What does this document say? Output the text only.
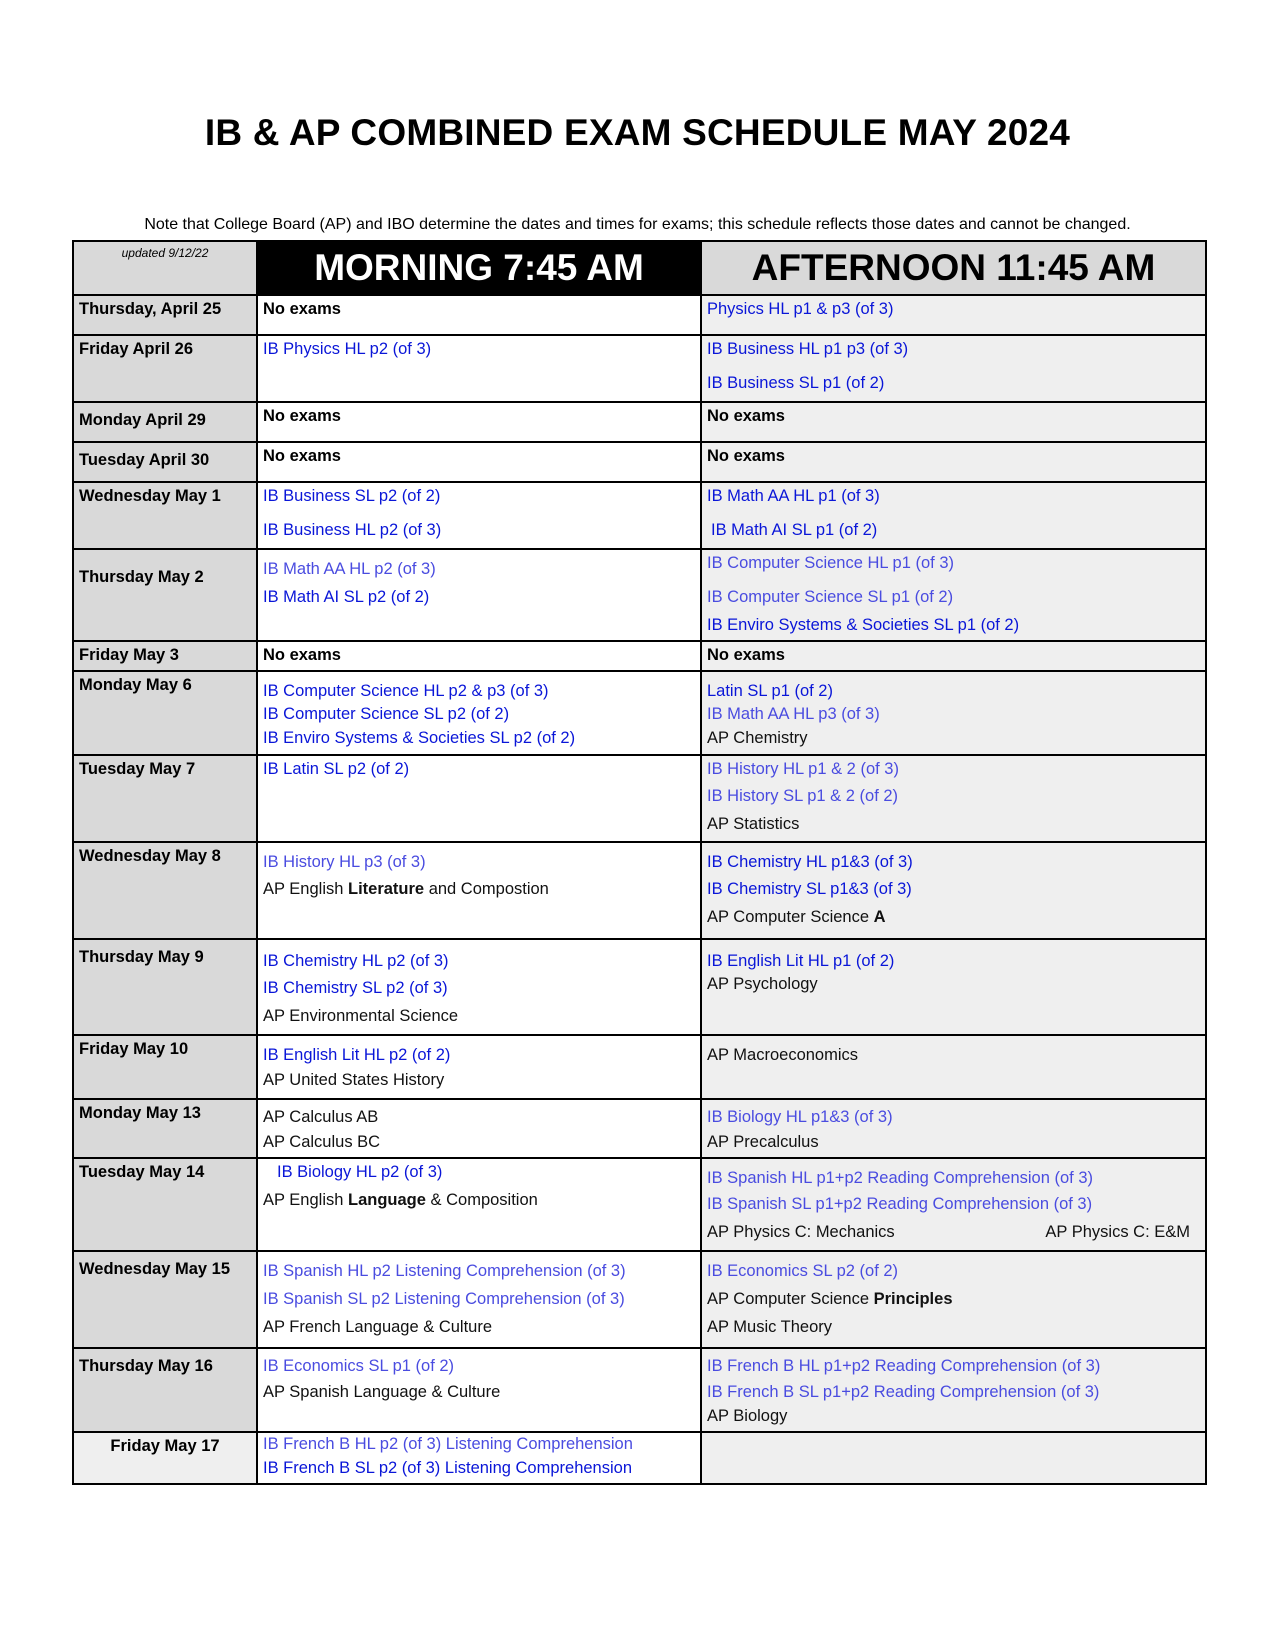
IB & AP COMBINED EXAM SCHEDULE MAY 2024
Note that College Board (AP) and IBO determine the dates and times for exams; this schedule reflects those dates and cannot be changed.
updated 9/12/22	MORNING 7:45 AM	AFTERNOON 11:45 AM
Thursday, April 25	No exams	Physics HL p1 & p3 (of 3)

Friday April 26	IB Physics HL p2 (of 3)	IB Business HL p1 p3 (of 3)
IB Business SL p1 (of 2)

Monday April 29	No exams	No exams

Tuesday April 30	No exams	No exams

Wednesday May 1	IB Business SL p2 (of 2)
IB Business HL p2 (of 3)	IB Math AA HL p1 (of 3)
IB Math AI SL p1 (of 2)

Thursday May 2	IB Math AA HL p2 (of 3)
IB Math AI SL p2 (of 2)	IB Computer Science HL p1 (of 3)
IB Computer Science SL p1 (of 2)
IB Enviro Systems & Societies SL p1 (of 2)

Friday May 3	No exams	No exams

Monday May 6	IB Computer Science HL p2 & p3 (of 3)
IB Computer Science SL p2 (of 2)
IB Enviro Systems & Societies SL p2 (of 2)	Latin SL p1 (of 2)
IB Math AA HL p3 (of 3)
AP Chemistry

Tuesday May 7	IB Latin SL p2 (of 2)	IB History HL p1 & 2 (of 3)
IB History SL p1 & 2 (of 2)
AP Statistics

Wednesday May 8	IB History HL p3 (of 3)
AP English Literature and Compostion	IB Chemistry HL p1&3 (of 3)
IB Chemistry SL p1&3 (of 3)
AP Computer Science A

Thursday May 9	IB Chemistry HL p2 (of 3)
IB Chemistry SL p2 (of 3)
AP Environmental Science	IB English Lit HL p1 (of 2)
AP Psychology

Friday May 10	IB English Lit HL p2 (of 2)
AP United States History	AP Macroeconomics

Monday May 13	AP Calculus AB
AP Calculus BC	IB Biology HL p1&3 (of 3)
AP Precalculus

Tuesday May 14	IB Biology HL p2 (of 3)
AP English Language & Composition	IB Spanish HL p1+p2 Reading Comprehension (of 3)
IB Spanish SL p1+p2 Reading Comprehension (of 3)
AP Physics C: Mechanics AP Physics C: E&M

Wednesday May 15	IB Spanish HL p2 Listening Comprehension (of 3)
IB Spanish SL p2 Listening Comprehension (of 3)
AP French Language & Culture	IB Economics SL p2 (of 2)
AP Computer Science Principles
AP Music Theory

Thursday May 16	IB Economics SL p1 (of 2)
AP Spanish Language & Culture	IB French B HL p1+p2 Reading Comprehension (of 3)
IB French B SL p1+p2 Reading Comprehension (of 3)
AP Biology

Friday May 17	IB French B HL p2 (of 3) Listening Comprehension
IB French B SL p2 (of 3) Listening Comprehension	
